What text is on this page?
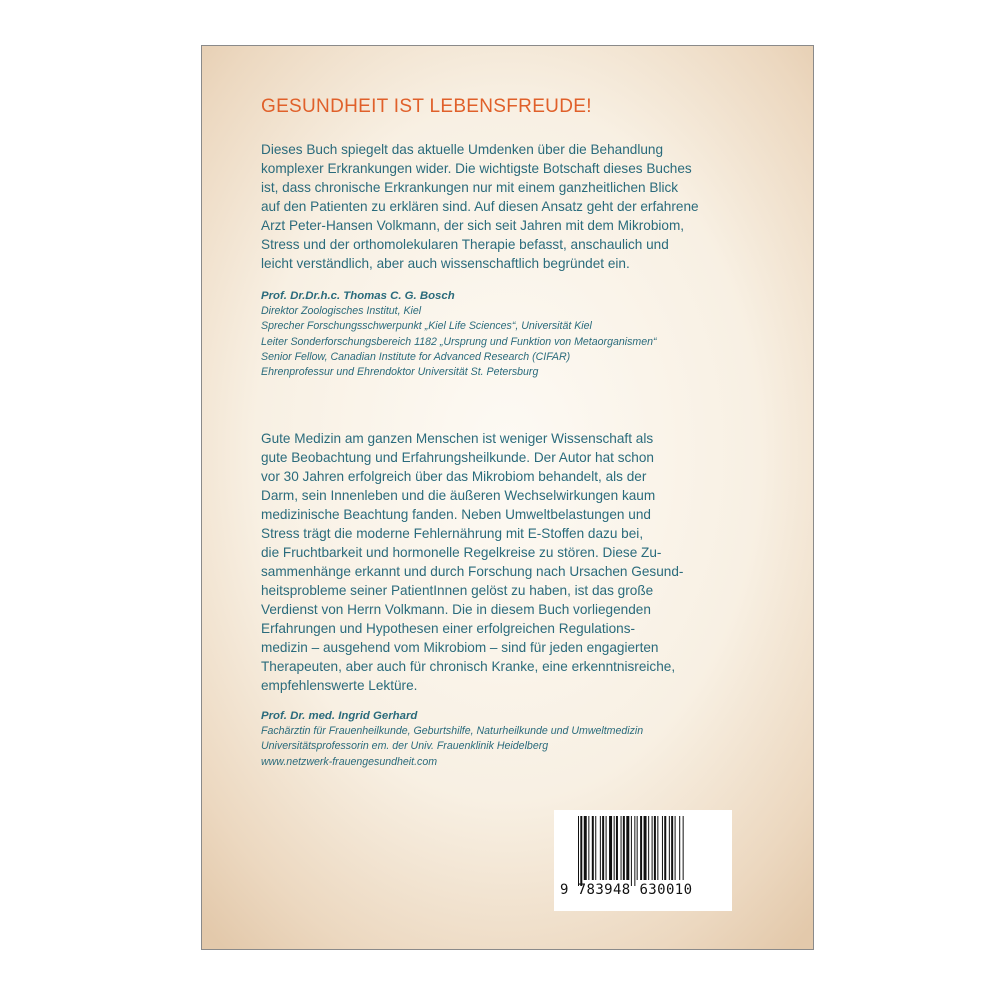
GESUNDHEIT IST LEBENSFREUDE!

Dieses Buch spiegelt das aktuelle Umdenken über die Behandlung
komplexer Erkrankungen wider. Die wichtigste Botschaft dieses Buches
ist, dass chronische Erkrankungen nur mit einem ganzheitlichen Blick
auf den Patienten zu erklären sind. Auf diesen Ansatz geht der erfahrene
Arzt Peter-Hansen Volkmann, der sich seit Jahren mit dem Mikrobiom,
Stress und der orthomolekularen Therapie befasst, anschaulich und
leicht verständlich, aber auch wissenschaftlich begründet ein.

Prof. Dr.Dr.h.c. Thomas C. G. Bosch
Direktor Zoologisches Institut, Kiel
Sprecher Forschungsschwerpunkt „Kiel Life Sciences“, Universität Kiel
Leiter Sonderforschungsbereich 1182 „Ursprung und Funktion von Metaorganismen“
Senior Fellow, Canadian Institute for Advanced Research (CIFAR)
Ehrenprofessur und Ehrendoktor Universität St. Petersburg

Gute Medizin am ganzen Menschen ist weniger Wissenschaft als
gute Beobachtung und Erfahrungsheilkunde. Der Autor hat schon
vor 30 Jahren erfolgreich über das Mikrobiom behandelt, als der
Darm, sein Innenleben und die äußeren Wechselwirkungen kaum
medizinische Beachtung fanden. Neben Umweltbelastungen und
Stress trägt die moderne Fehlernährung mit E-Stoffen dazu bei,
die Fruchtbarkeit und hormonelle Regelkreise zu stören. Diese Zu-
sammenhänge erkannt und durch Forschung nach Ursachen Gesund-
heitsprobleme seiner PatientInnen gelöst zu haben, ist das große
Verdienst von Herrn Volkmann. Die in diesem Buch vorliegenden
Erfahrungen und Hypothesen einer erfolgreichen Regulations-
medizin – ausgehend vom Mikrobiom – sind für jeden engagierten
Therapeuten, aber auch für chronisch Kranke, eine erkenntnisreiche,
empfehlenswerte Lektüre.

Prof. Dr. med. Ingrid Gerhard
Fachärztin für Frauenheilkunde, Geburtshilfe, Naturheilkunde und Umweltmedizin
Universitätsprofessorin em. der Univ. Frauenklinik Heidelberg
www.netzwerk-frauengesundheit.com
9 783948 630010
